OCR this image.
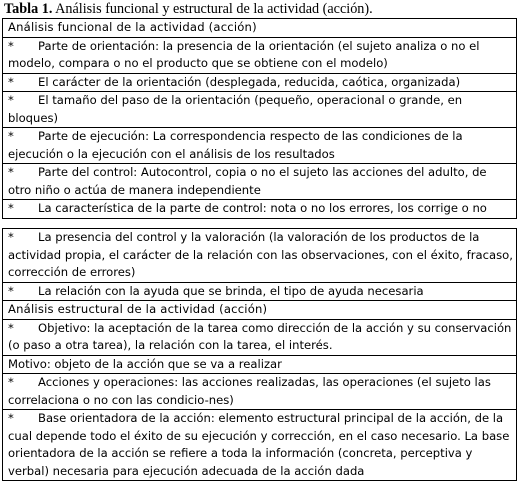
Tabla 1. Análisis funcional y estructural de la actividad (acción).
Análisis funcional de la actividad (acción)
* Parte de orientación: la presencia de la orientación (el sujeto analiza o no el
modelo, compara o no el producto que se obtiene con el modelo)
* El carácter de la orientación (desplegada, reducida, caótica, organizada)
* El tamaño del paso de la orientación (pequeño, operacional o grande, en
bloques)
* Parte de ejecución: La correspondencia respecto de las condiciones de la
ejecución o la ejecución con el análisis de los resultados
* Parte del control: Autocontrol, copia o no el sujeto las acciones del adulto, de
otro niño o actúa de manera independiente
* La característica de la parte de control: nota o no los errores, los corrige o no
* La presencia del control y la valoración (la valoración de los productos de la
actividad propia, el carácter de la relación con las observaciones, con el éxito, fracaso,
corrección de errores)
* La relación con la ayuda que se brinda, el tipo de ayuda necesaria
Análisis estructural de la actividad (acción)
* Objetivo: la aceptación de la tarea como dirección de la acción y su conservación
(o paso a otra tarea), la relación con la tarea, el interés.
Motivo: objeto de la acción que se va a realizar
* Acciones y operaciones: las acciones realizadas, las operaciones (el sujeto las
correlaciona o no con las condicio-nes)
* Base orientadora de la acción: elemento estructural principal de la acción, de la
cual depende todo el éxito de su ejecución y corrección, en el caso necesario. La base
orientadora de la acción se refiere a toda la información (concreta, perceptiva y
verbal) necesaria para ejecución adecuada de la acción dada
